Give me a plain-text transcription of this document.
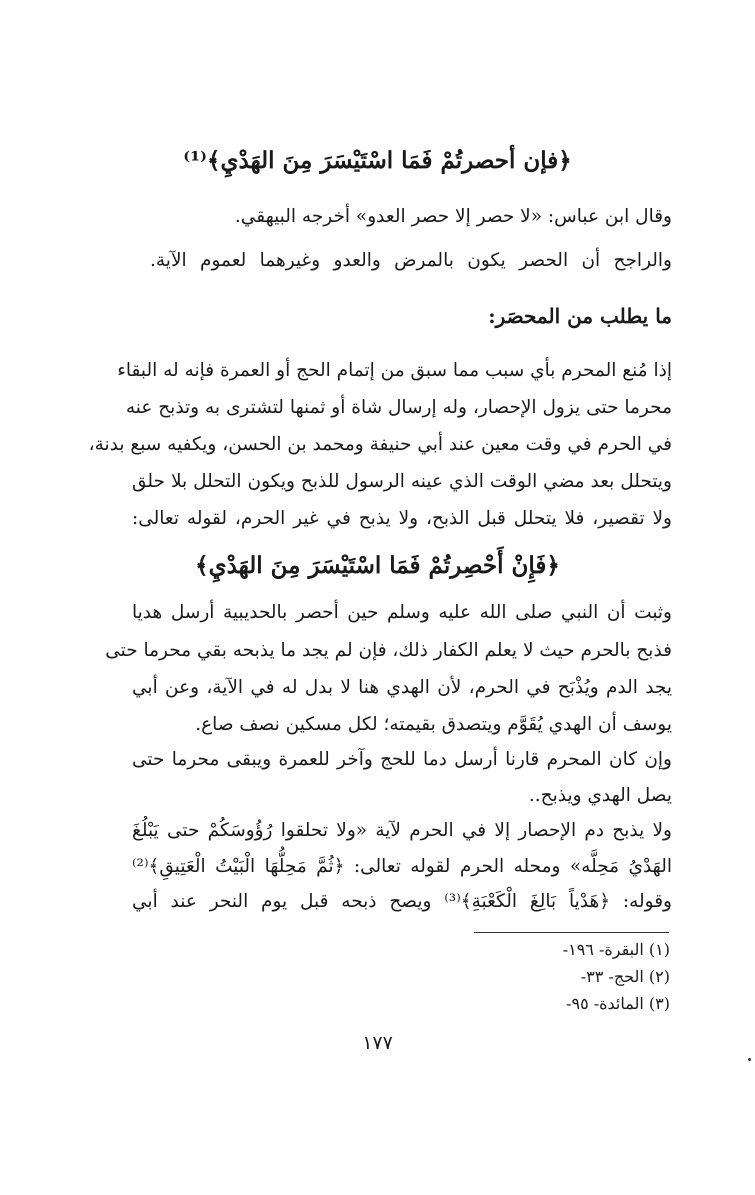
﴿فإن أحصرتُمْ فَمَا اسْتَيْسَرَ مِنَ الهَدْيِ﴾⁽¹⁾
وقال ابن عباس: «لا حصر إلا حصر العدو» أخرجه البيهقي.
والراجح أن الحصر يكون بالمرض والعدو وغيرهما لعموم الآية.
ما يطلب من المحصَر:
إذا مُنع المحرم بأي سبب مما سبق من إتمام الحج أو العمرة فإنه له البقاء
محرما حتى يزول الإحصار، وله إرسال شاة أو ثمنها لتشترى به وتذبح عنه
في الحرم في وقت معين عند أبي حنيفة ومحمد بن الحسن، ويكفيه سبع بدنة،
ويتحلل بعد مضي الوقت الذي عينه الرسول للذبح ويكون التحلل بلا حلق
ولا تقصير، فلا يتحلل قبل الذبح، ولا يذبح في غير الحرم، لقوله تعالى:
﴿فَإِنْ أَحْصِرتُمْ فَمَا اسْتَيْسَرَ مِنَ الهَدْيِ﴾
وثبت أن النبي صلى الله عليه وسلم حين أحصر بالحديبية أرسل هديا
فذبح بالحرم حيث لا يعلم الكفار ذلك، فإن لم يجد ما يذبحه بقي محرما حتى
يجد الدم ويُذْبَح في الحرم، لأن الهدي هنا لا بدل له في الآية، وعن أبي
يوسف أن الهدي يُقَوَّم ويتصدق بقيمته؛ لكل مسكين نصف صاع.
وإن كان المحرم قارنا أرسل دما للحج وآخر للعمرة ويبقى محرما حتى
يصل الهدي ويذبح..
ولا يذبح دم الإحصار إلا في الحرم لآية «ولا تحلقوا رُؤُوسَكُمْ حتى يَبْلُغَ
الهَدْيُ مَحِلَّه» ومحله الحرم لقوله تعالى: ﴿ثُمَّ مَحِلُّهَا الْبَيْتُ الْعَتِيقِ﴾⁽²⁾
وقوله: ﴿هَدْياً بَالِغَ الْكَعْبَةِ﴾⁽³⁾ ويصح ذبحه قبل يوم النحر عند أبي
(١) البقرة- ١٩٦-
(٢) الحج- ٣٣-
(٣) المائدة- ٩٥-
١٧٧
